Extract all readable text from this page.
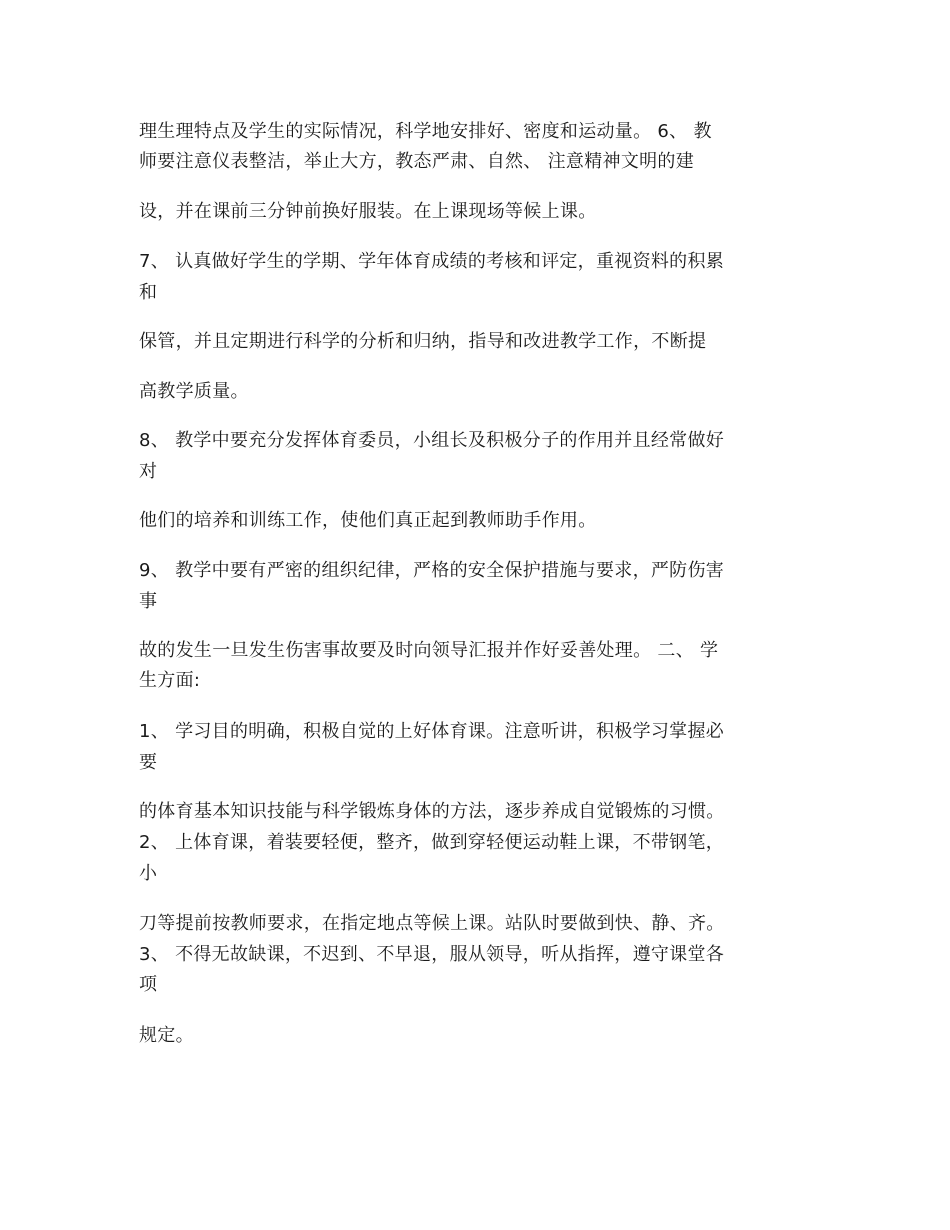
理生理特点及学生的实际情况，科学地安排好、密度和运动量。 6、 教
师要注意仪表整洁，举止大方，教态严肃、自然、 注意精神文明的建
设，并在课前三分钟前换好服装。在上课现场等候上课。
7、 认真做好学生的学期、学年体育成绩的考核和评定，重视资料的积累
和
保管，并且定期进行科学的分析和归纳，指导和改进教学工作，不断提
高教学质量。
8、 教学中要充分发挥体育委员，小组长及积极分子的作用并且经常做好
对
他们的培养和训练工作，使他们真正起到教师助手作用。
9、 教学中要有严密的组织纪律，严格的安全保护措施与要求，严防伤害
事
故的发生一旦发生伤害事故要及时向领导汇报并作好妥善处理。 二、 学
生方面:
1、 学习目的明确，积极自觉的上好体育课。注意听讲，积极学习掌握必
要
的体育基本知识技能与科学锻炼身体的方法，逐步养成自觉锻炼的习惯。
2、 上体育课，着装要轻便，整齐，做到穿轻便运动鞋上课，不带钢笔，
小
刀等提前按教师要求，在指定地点等候上课。站队时要做到快、静、齐。
3、 不得无故缺课，不迟到、不早退，服从领导，听从指挥，遵守课堂各
项
规定。
